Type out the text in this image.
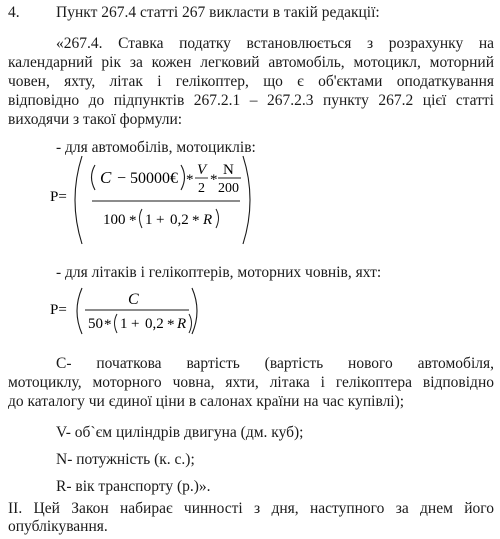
4. Пункт 267.4 статті 267 викласти в такій редакції:
«267.4. Ставка податку встановлюється з розрахунку на
календарний рік за кожен легковий автомобіль, мотоцикл, моторний
човен, яхту, літак і гелікоптер, що є об'єктами оподаткування
відповідно до підпунктів 267.2.1 – 267.2.3 пункту 267.2 цієї статті
виходячи з такої формули:
- для автомобілів, мотоциклів:
P=
C − 50000€ *
V
2
*
N
200
100 * 1 + 0,2 * R
- для літаків і гелікоптерів, моторних човнів, яхт:
P=
C
50 * 1 + 0,2 * R
С- початкова вартість (вартість нового автомобіля,
мотоциклу, моторного човна, яхти, літака і гелікоптера відповідно
до каталогу чи єдиної ціни в салонах країни на час купівлі);
V- об`єм циліндрів двигуна (дм. куб);
N- потужність (к. с.);
R- вік транспорту (р.)».
ІІ. Цей Закон набирає чинності з дня, наступного за днем його
опублікування.
